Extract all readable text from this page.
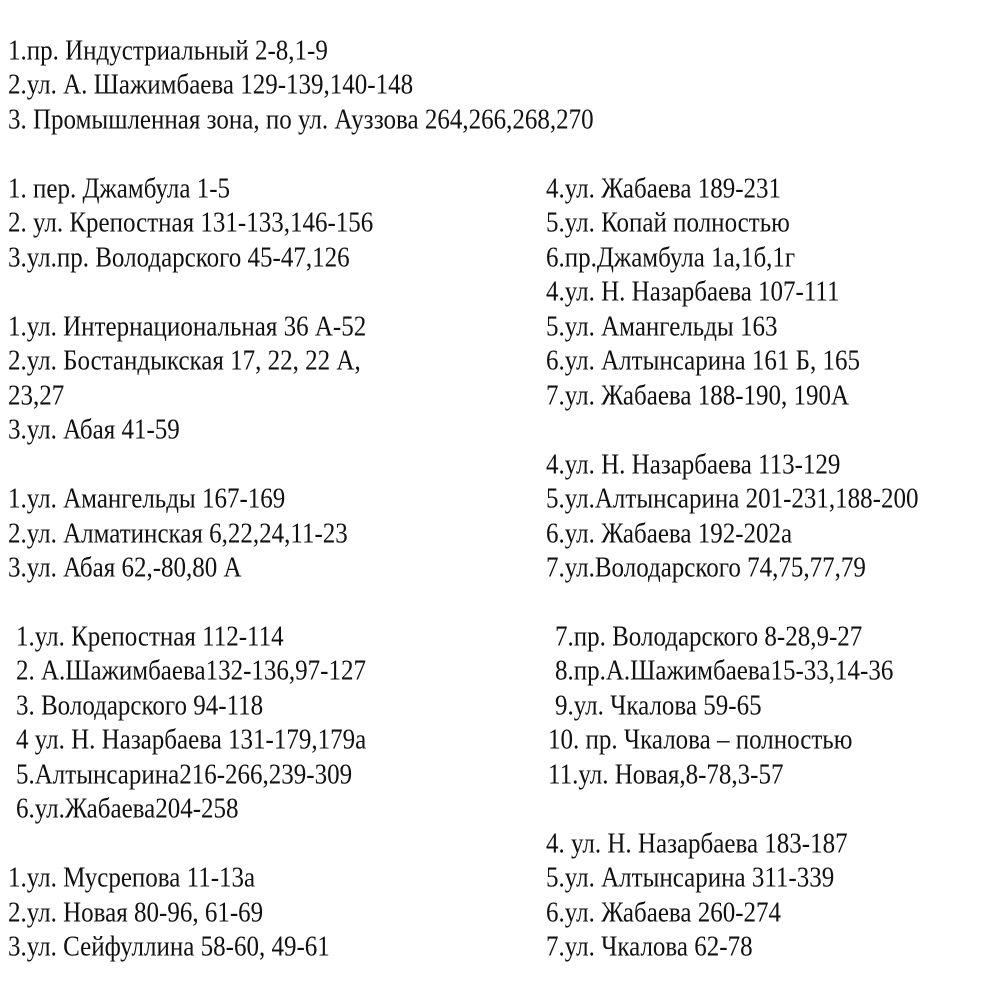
1.пр. Индустриальный 2-8,1-9
2.ул. А. Шажимбаева 129-139,140-148
3. Промышленная зона, по ул. Ауззова 264,266,268,270
1. пер. Джамбула 1-5
2. ул. Крепостная 131-133,146-156
3.ул.пр. Володарского 45-47,126
1.ул. Интернациональная 36 А-52
2.ул. Бостандыкская 17, 22, 22 А,
23,27
3.ул. Абая 41-59
1.ул. Амангельды 167-169
2.ул. Алматинская 6,22,24,11-23
3.ул. Абая 62,-80,80 А
1.ул. Крепостная 112-114
2. А.Шажимбаева132-136,97-127
3. Володарского 94-118
4 ул. Н. Назарбаева 131-179,179а
5.Алтынсарина216-266,239-309
6.ул.Жабаева204-258
1.ул. Мусрепова 11-13а
2.ул. Новая 80-96, 61-69
3.ул. Сейфуллина 58-60, 49-61
4.ул. Жабаева 189-231
5.ул. Копай полностью
6.пр.Джамбула 1а,1б,1г
4.ул. Н. Назарбаева 107-111
5.ул. Амангельды 163
6.ул. Алтынсарина 161 Б, 165
7.ул. Жабаева 188-190, 190А
4.ул. Н. Назарбаева 113-129
5.ул.Алтынсарина 201-231,188-200
6.ул. Жабаева 192-202а
7.ул.Володарского 74,75,77,79
7.пр. Володарского 8-28,9-27
8.пр.А.Шажимбаева15-33,14-36
9.ул. Чкалова 59-65
10. пр. Чкалова – полностью
11.ул. Новая,8-78,3-57
4. ул. Н. Назарбаева 183-187
5.ул. Алтынсарина 311-339
6.ул. Жабаева 260-274
7.ул. Чкалова 62-78
